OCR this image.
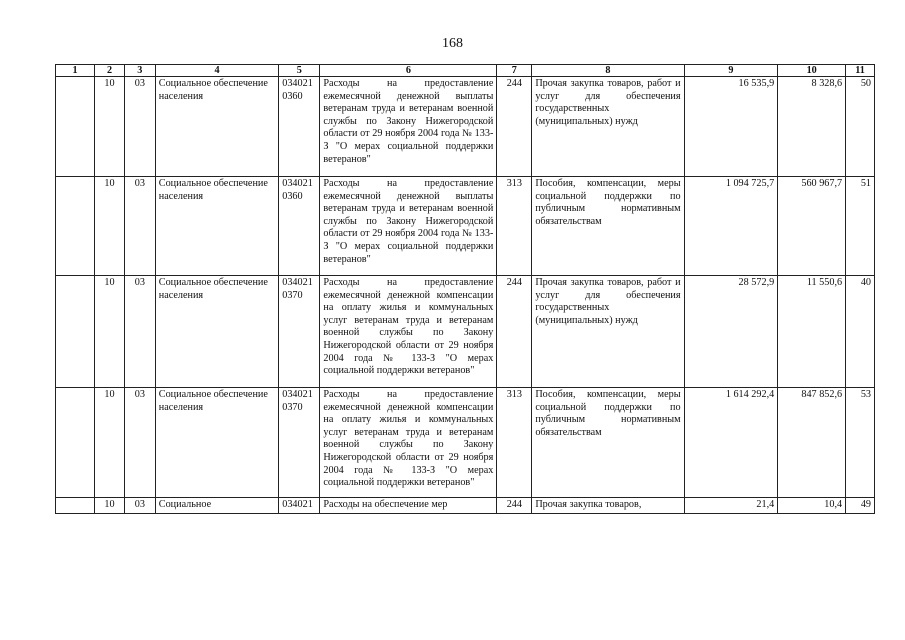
168
1	2	3	4	5	6	7	8	9	10	11
	10	03	Социальное обеспечение населения	034021 0360	Расходы на предоставление ежемесячной денежной выплаты ветеранам труда и ветеранам военной службы по Закону Нижегородской области от 29 ноября 2004 года № 133-З "О мерах социальной поддержки ветеранов"	244	Прочая закупка товаров, работ и услуг для обеспечения государственных (муниципальных) нужд	16 535,9	8 328,6	50
	10	03	Социальное обеспечение населения	034021 0360	Расходы на предоставление ежемесячной денежной выплаты ветеранам труда и ветеранам военной службы по Закону Нижегородской области от 29 ноября 2004 года № 133-З "О мерах социальной поддержки ветеранов"	313	Пособия, компенсации, меры социальной поддержки по публичным нормативным обязательствам	1 094 725,7	560 967,7	51
	10	03	Социальное обеспечение населения	034021 0370	Расходы на предоставление ежемесячной денежной компенсации на оплату жилья и коммунальных услуг ветеранам труда и ветеранам военной службы по Закону Нижегородской области от 29 ноября 2004 года № 133-З "О мерах социальной поддержки ветеранов"	244	Прочая закупка товаров, работ и услуг для обеспечения государственных (муниципальных) нужд	28 572,9	11 550,6	40
	10	03	Социальное обеспечение населения	034021 0370	Расходы на предоставление ежемесячной денежной компенсации на оплату жилья и коммунальных услуг ветеранам труда и ветеранам военной службы по Закону Нижегородской области от 29 ноября 2004 года № 133-З "О мерах социальной поддержки ветеранов"	313	Пособия, компенсации, меры социальной поддержки по публичным нормативным обязательствам	1 614 292,4	847 852,6	53
	10	03	Социальное	034021	Расходы на обеспечение мер	244	Прочая закупка товаров,	21,4	10,4	49
